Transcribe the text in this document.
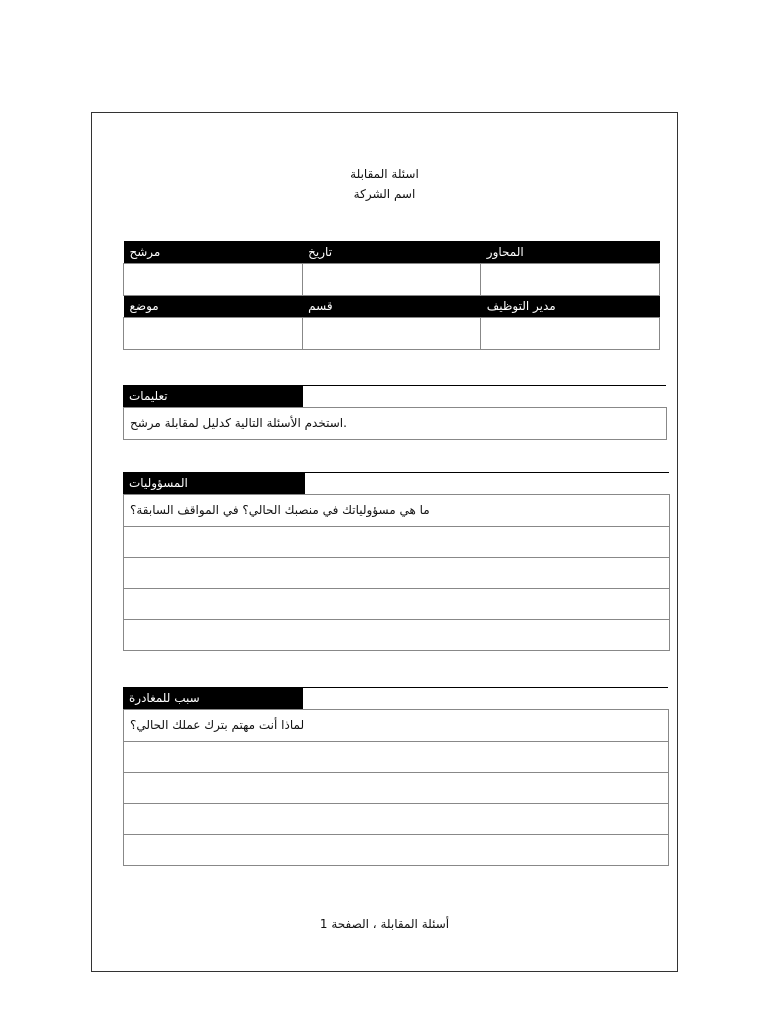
اسئلة المقابلة
اسم الشركة
مرشح	تاريخ	المحاور

موضع	قسم	مدير التوظيف

تعليمات
استخدم الأسئلة التالية كدليل لمقابلة مرشح.
المسؤوليات
ما هي مسؤولياتك في منصبك الحالي؟ في المواقف السابقة؟
سبب للمغادرة
لماذا أنت مهتم بترك عملك الحالي؟
1 أسئلة المقابلة ، الصفحة
